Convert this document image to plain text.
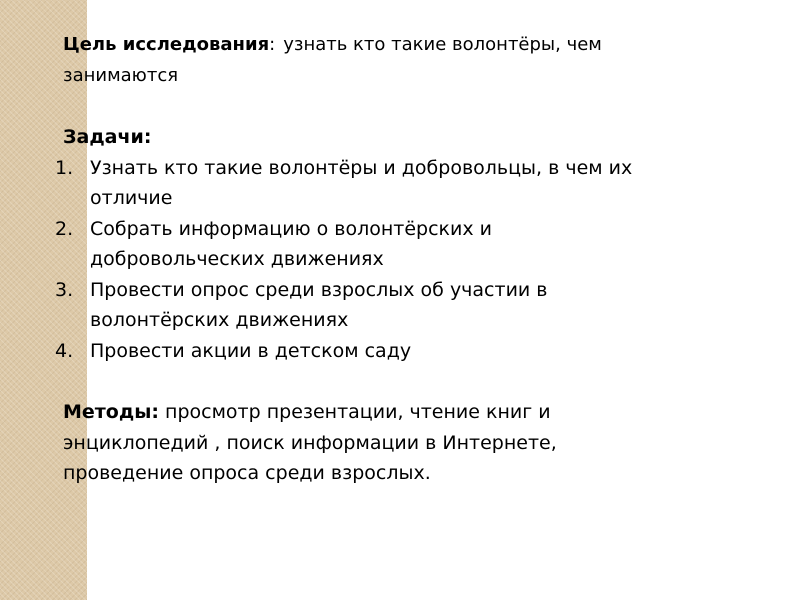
Цель исследования: узнать кто такие волонтёры, чем
занимаются
Задачи:
1. Узнать кто такие волонтёры и добровольцы, в чем их
отличие
2. Собрать информацию о волонтёрских и
добровольческих движениях
3. Провести опрос среди взрослых об участии в
волонтёрских движениях
4. Провести акции в детском саду
Методы: просмотр презентации, чтение книг и
энциклопедий , поиск информации в Интернете,
проведение опроса среди взрослых.
